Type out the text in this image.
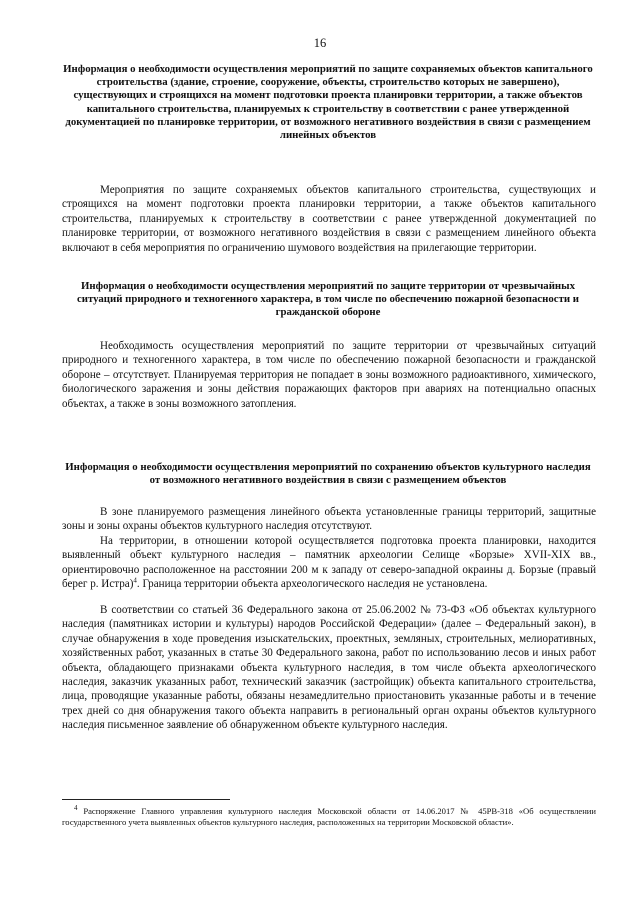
16
Информация о необходимости осуществления мероприятий по защите сохраняемых объектов капитального строительства (здание, строение, сооружение, объекты, строительство которых не завершено), существующих и строящихся на момент подготовки проекта планировки территории, а также объектов капитального строительства, планируемых к строительству в соответствии с ранее утвержденной документацией по планировке территории, от возможного негативного воздействия в связи с размещением линейных объектов
Мероприятия по защите сохраняемых объектов капитального строительства, существующих и строящихся на момент подготовки проекта планировки территории, а также объектов капитального строительства, планируемых к строительству в соответствии с ранее утвержденной документацией по планировке территории, от возможного негативного воздействия в связи с размещением линейного объекта включают в себя мероприятия по ограничению шумового воздействия на прилегающие территории.
Информация о необходимости осуществления мероприятий по защите территории от чрезвычайных ситуаций природного и техногенного характера, в том числе по обеспечению пожарной безопасности и гражданской обороне
Необходимость осуществления мероприятий по защите территории от чрезвычайных ситуаций природного и техногенного характера, в том числе по обеспечению пожарной безопасности и гражданской обороне – отсутствует. Планируемая территория не попадает в зоны возможного радиоактивного, химического, биологического заражения и зоны действия поражающих факторов при авариях на потенциально опасных объектах, а также в зоны возможного затопления.
Информация о необходимости осуществления мероприятий по сохранению объектов культурного наследия от возможного негативного воздействия в связи с размещением объектов
В зоне планируемого размещения линейного объекта установленные границы территорий, защитные зоны и зоны охраны объектов культурного наследия отсутствуют.
На территории, в отношении которой осуществляется подготовка проекта планировки, находится выявленный объект культурного наследия – памятник археологии Селище «Борзые» XVII-XIX вв., ориентировочно расположенное на расстоянии 200 м к западу от северо-западной окраины д. Борзые (правый берег р. Истра)$^4$. Граница территории объекта археологического наследия не установлена.
В соответствии со статьей 36 Федерального закона от 25.06.2002 № 73-ФЗ «Об объектах культурного наследия (памятниках истории и культуры) народов Российской Федерации» (далее – Федеральный закон), в случае обнаружения в ходе проведения изыскательских, проектных, земляных, строительных, мелиоративных, хозяйственных работ, указанных в статье 30 Федерального закона, работ по использованию лесов и иных работ объекта, обладающего признаками объекта культурного наследия, в том числе объекта археологического наследия, заказчик указанных работ, технический заказчик (застройщик) объекта капитального строительства, лица, проводящие указанные работы, обязаны незамедлительно приостановить указанные работы и в течение трех дней со дня обнаружения такого объекта направить в региональный орган охраны объектов культурного наследия письменное заявление об обнаруженном объекте культурного наследия.
$^4$ Распоряжение Главного управления культурного наследия Московской области от 14.06.2017 № 45РВ-318 «Об осуществлении государственного учета выявленных объектов культурного наследия, расположенных на территории Московской области».
